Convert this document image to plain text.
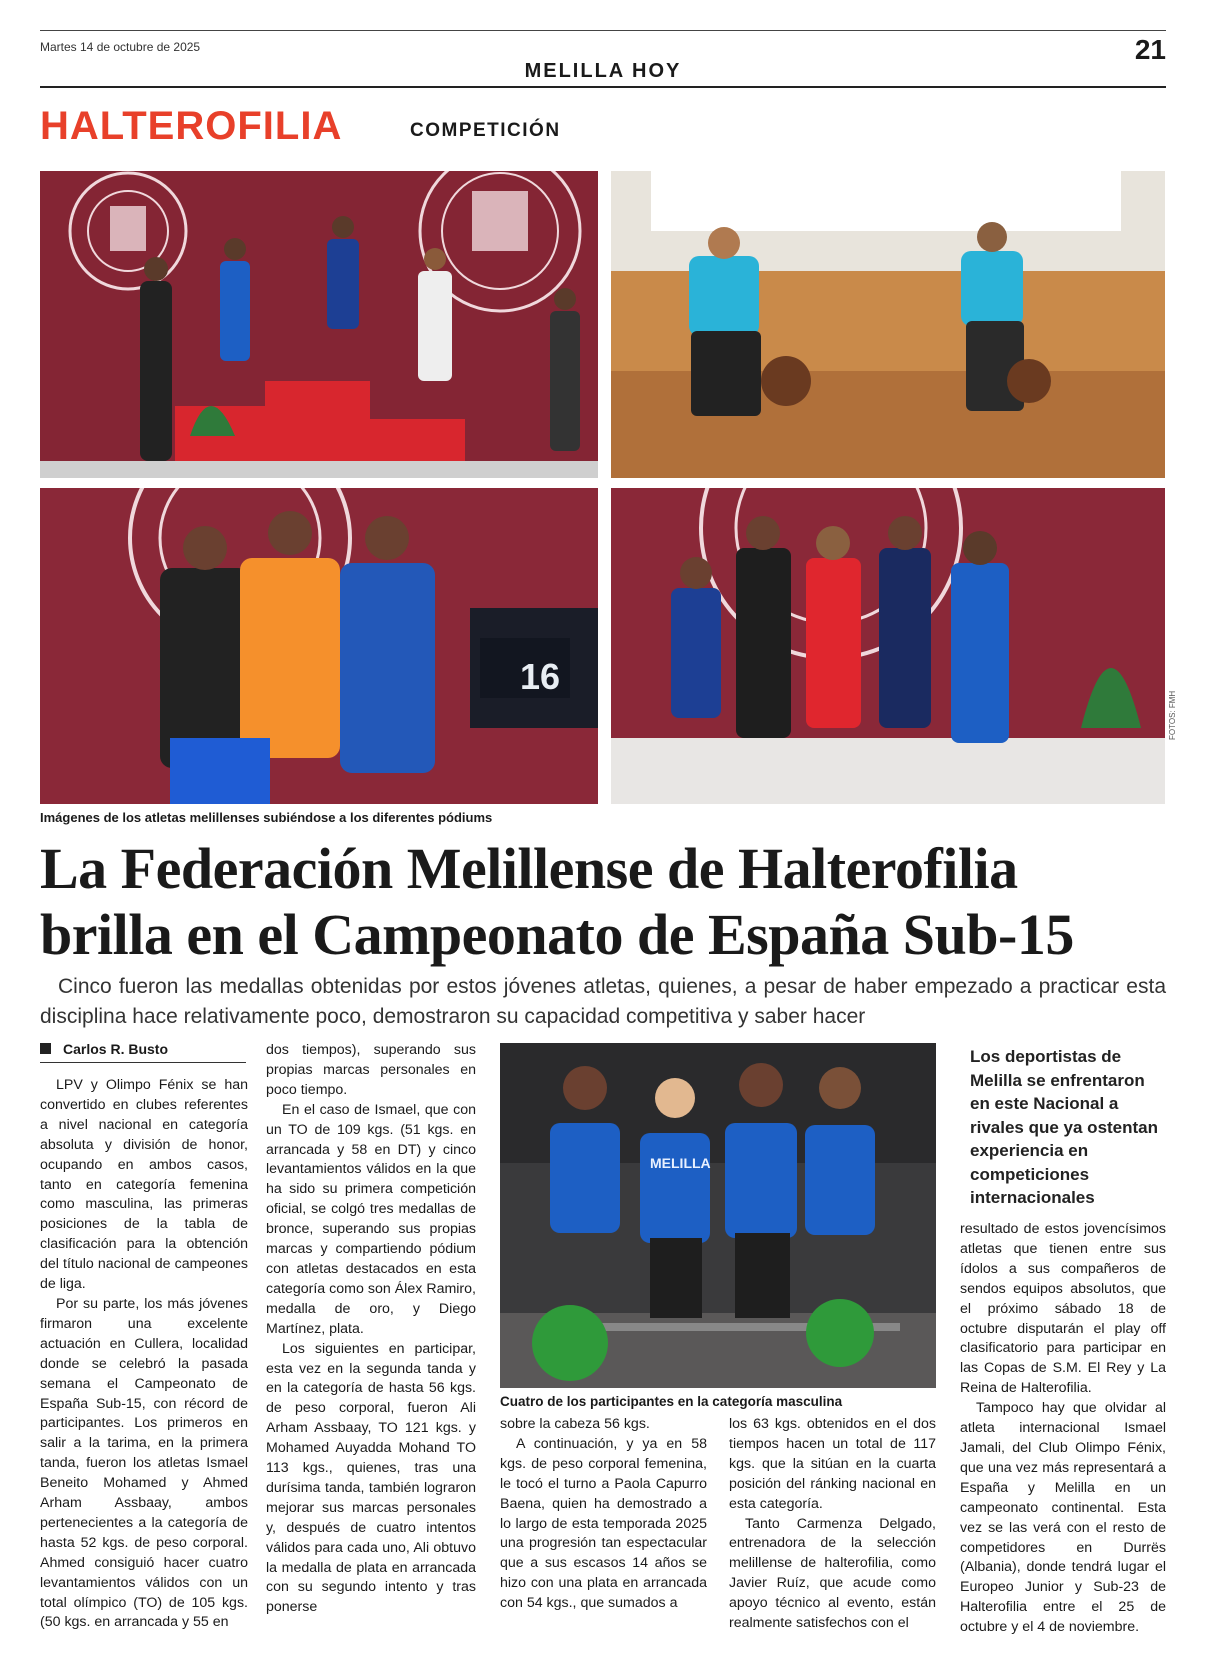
Martes 14 de octubre de 2025	21
MELILLA HOY
HALTEROFILIA	COMPETICIÓN
16
FOTOS: FMH
Imágenes de los atletas melillenses subiéndose a los diferentes pódiums
La Federación Melillense de Halterofilia
brilla en el Campeonato de España Sub-15
Cinco fueron las medallas obtenidas por estos jóvenes atletas, quienes, a pesar de haber empezado a practicar esta disciplina hace relativamente poco, demostraron su capacidad competitiva y saber hacer
Carlos R. Busto

LPV y Olimpo Fénix se han convertido en clubes referentes a nivel nacional en categoría absoluta y división de honor, ocupando en ambos casos, tanto en categoría femenina como masculina, las primeras posiciones de la tabla de clasificación para la obtención del título nacional de campeones de liga.

Por su parte, los más jóvenes firmaron una excelente actuación en Cullera, localidad donde se celebró la pasada semana el Campeonato de España Sub-15, con récord de participantes. Los primeros en salir a la tarima, en la primera tanda, fueron los atletas Ismael Beneito Mohamed y Ahmed Arham Assbaay, ambos pertenecientes a la categoría de hasta 52 kgs. de peso corporal. Ahmed consiguió hacer cuatro levantamientos válidos con un total olímpico (TO) de 105 kgs. (50 kgs. en arrancada y 55 en

dos tiempos), superando sus propias marcas personales en poco tiempo.

En el caso de Ismael, que con un TO de 109 kgs. (51 kgs. en arrancada y 58 en DT) y cinco levantamientos válidos en la que ha sido su primera competición oficial, se colgó tres medallas de bronce, superando sus propias marcas y compartiendo pódium con atletas destacados en esta categoría como son Álex Ramiro, medalla de oro, y Diego Martínez, plata.

Los siguientes en participar, esta vez en la segunda tanda y en la categoría de hasta 56 kgs. de peso corporal, fueron Ali Arham Assbaay, TO 121 kgs. y Mohamed Auyadda Mohand TO 113 kgs., quienes, tras una durísima tanda, también lograron mejorar sus marcas personales y, después de cuatro intentos válidos para cada uno, Ali obtuvo la medalla de plata en arrancada con su segundo intento y tras ponerse

MELILLA
Cuatro de los participantes en la categoría masculina

sobre la cabeza 56 kgs.

A continuación, y ya en 58 kgs. de peso corporal femenina, le tocó el turno a Paola Capurro Baena, quien ha demostrado a lo largo de esta temporada 2025 una progresión tan espectacular que a sus escasos 14 años se hizo con una plata en arrancada con 54 kgs., que sumados a

los 63 kgs. obtenidos en el dos tiempos hacen un total de 117 kgs. que la sitúan en la cuarta posición del ránking nacional en esta categoría.

Tanto Carmenza Delgado, entrenadora de la selección melillense de halterofilia, como Javier Ruíz, que acude como apoyo técnico al evento, están realmente satisfechos con el

Los deportistas de Melilla se enfrentaron en este Nacional a rivales que ya ostentan experiencia en competiciones internacionales

resultado de estos jovencísimos atletas que tienen entre sus ídolos a sus compañeros de sendos equipos absolutos, que el próximo sábado 18 de octubre disputarán el play off clasificatorio para participar en las Copas de S.M. El Rey y La Reina de Halterofilia.

Tampoco hay que olvidar al atleta internacional Ismael Jamali, del Club Olimpo Fénix, que una vez más representará a España y Melilla en un campeonato continental. Esta vez se las verá con el resto de competidores en Durrës (Albania), donde tendrá lugar el Europeo Junior y Sub-23 de Halterofilia entre el 25 de octubre y el 4 de noviembre.
